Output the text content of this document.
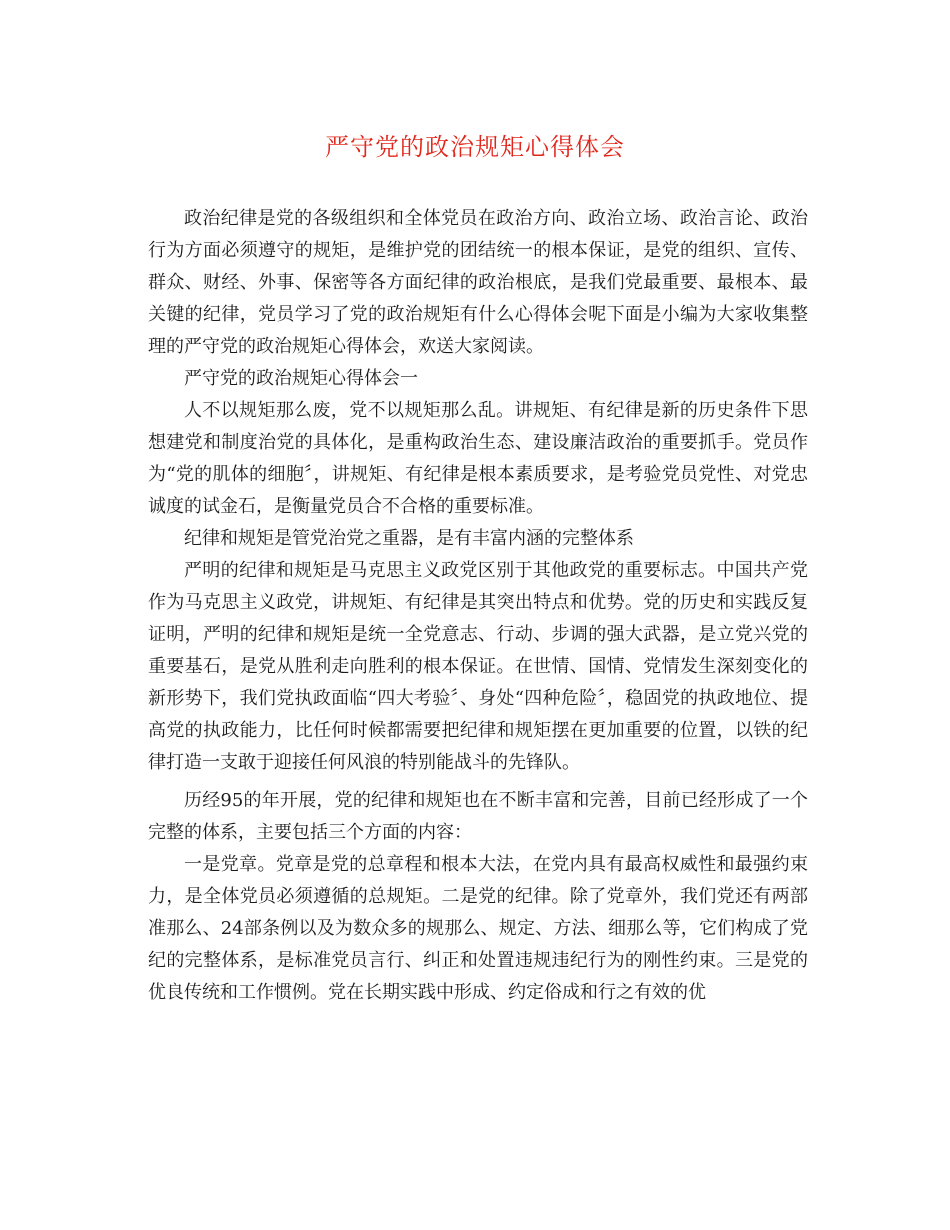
严守党的政治规矩心得体会

政治纪律是党的各级组织和全体党员在政治方向、政治立场、政治言论、政治行为方面必须遵守的规矩，是维护党的团结统一的根本保证，是党的组织、宣传、群众、财经、外事、保密等各方面纪律的政治根底，是我们党最重要、最根本、最关键的纪律，党员学习了党的政治规矩有什么心得体会呢下面是小编为大家收集整理的严守党的政治规矩心得体会，欢送大家阅读。

严守党的政治规矩心得体会一

人不以规矩那么废，党不以规矩那么乱。讲规矩、有纪律是新的历史条件下思想建党和制度治党的具体化，是重构政治生态、建设廉洁政治的重要抓手。党员作为“党的肌体的细胞〞，讲规矩、有纪律是根本素质要求，是考验党员党性、对党忠诚度的试金石，是衡量党员合不合格的重要标准。

纪律和规矩是管党治党之重器，是有丰富内涵的完整体系

严明的纪律和规矩是马克思主义政党区别于其他政党的重要标志。中国共产党作为马克思主义政党，讲规矩、有纪律是其突出特点和优势。党的历史和实践反复证明，严明的纪律和规矩是统一全党意志、行动、步调的强大武器，是立党兴党的重要基石，是党从胜利走向胜利的根本保证。在世情、国情、党情发生深刻变化的新形势下，我们党执政面临“四大考验〞、身处“四种危险〞，稳固党的执政地位、提高党的执政能力，比任何时候都需要把纪律和规矩摆在更加重要的位置，以铁的纪律打造一支敢于迎接任何风浪的特别能战斗的先锋队。

历经95的年开展，党的纪律和规矩也在不断丰富和完善，目前已经形成了一个完整的体系，主要包括三个方面的内容：

一是党章。党章是党的总章程和根本大法，在党内具有最高权威性和最强约束力，是全体党员必须遵循的总规矩。二是党的纪律。除了党章外，我们党还有两部准那么、24部条例以及为数众多的规那么、规定、方法、细那么等，它们构成了党纪的完整体系，是标准党员言行、纠正和处置违规违纪行为的刚性约束。三是党的优良传统和工作惯例。党在长期实践中形成、约定俗成和行之有效的优
